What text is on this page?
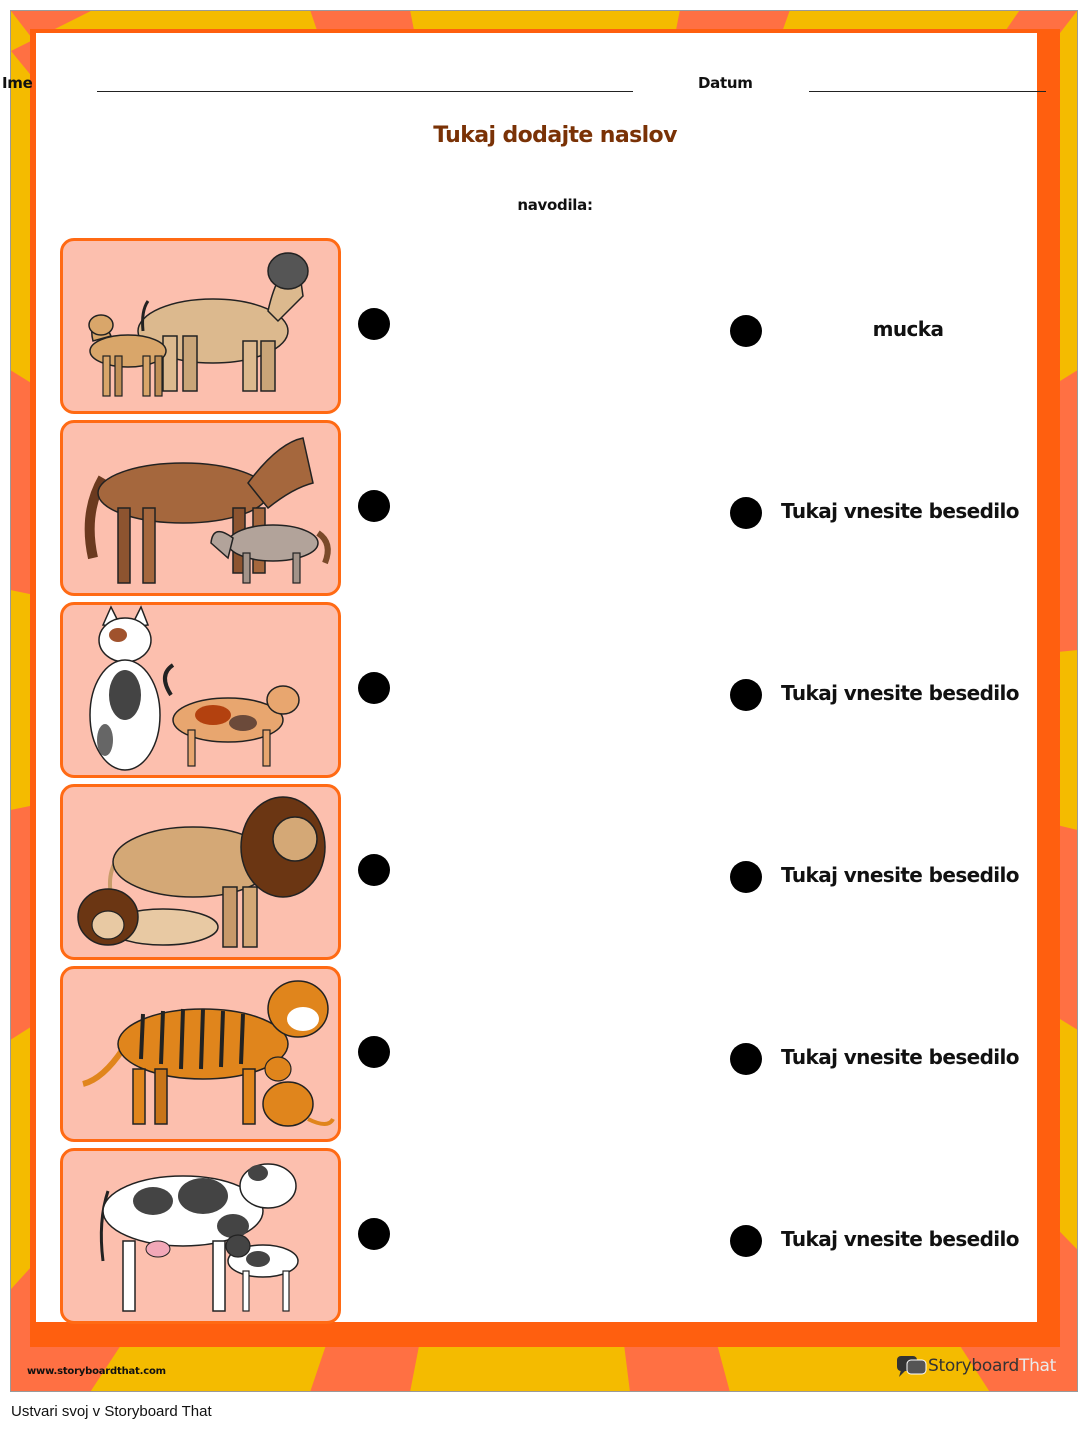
Ime	Datum
Tukaj dodajte naslov
navodila:
mucka
Tukaj vnesite besedilo
Tukaj vnesite besedilo
Tukaj vnesite besedilo
Tukaj vnesite besedilo
Tukaj vnesite besedilo
www.storyboardthat.com	Storyboard That
Ustvari svoj v Storyboard That
